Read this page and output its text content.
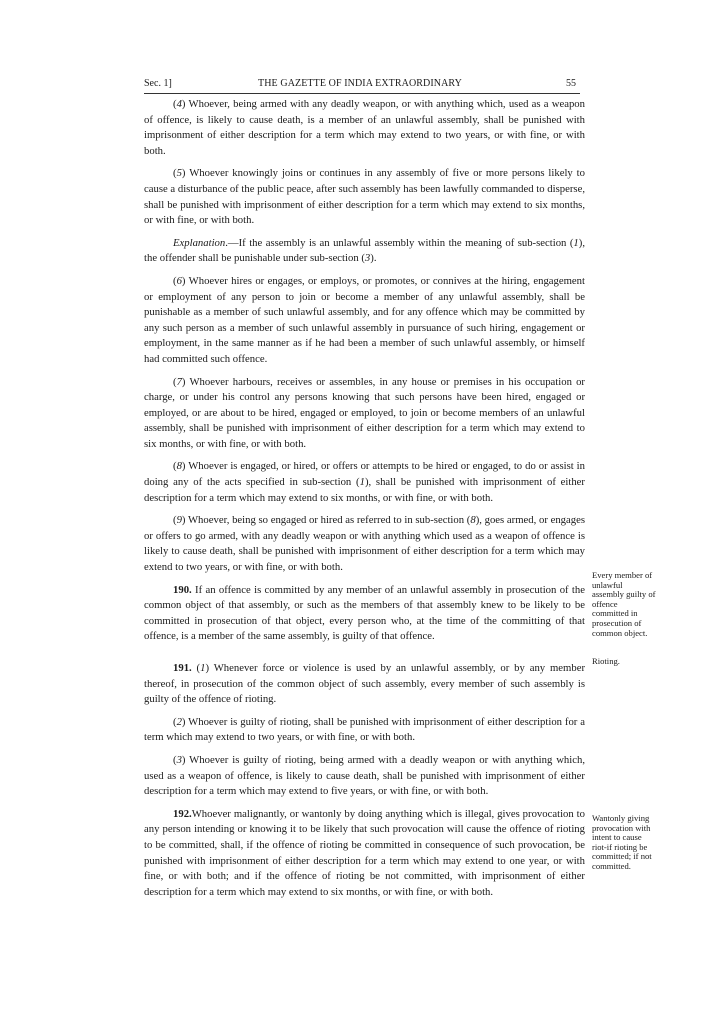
Sec. 1]	THE GAZETTE OF INDIA EXTRAORDINARY	55

(4) Whoever, being armed with any deadly weapon, or with anything which, used as a weapon of offence, is likely to cause death, is a member of an unlawful assembly, shall be punished with imprisonment of either description for a term which may extend to two years, or with fine, or with both.

(5) Whoever knowingly joins or continues in any assembly of five or more persons likely to cause a disturbance of the public peace, after such assembly has been lawfully commanded to disperse, shall be punished with imprisonment of either description for a term which may extend to six months, or with fine, or with both.

Explanation.—If the assembly is an unlawful assembly within the meaning of sub-section (1), the offender shall be punishable under sub-section (3).

(6) Whoever hires or engages, or employs, or promotes, or connives at the hiring, engagement or employment of any person to join or become a member of any unlawful assembly, shall be punishable as a member of such unlawful assembly, and for any offence which may be committed by any such person as a member of such unlawful assembly in pursuance of such hiring, engagement or employment, in the same manner as if he had been a member of such unlawful assembly, or himself had committed such offence.

(7) Whoever harbours, receives or assembles, in any house or premises in his occupation or charge, or under his control any persons knowing that such persons have been hired, engaged or employed, or are about to be hired, engaged or employed, to join or become members of an unlawful assembly, shall be punished with imprisonment of either description for a term which may extend to six months, or with fine, or with both.

(8) Whoever is engaged, or hired, or offers or attempts to be hired or engaged, to do or assist in doing any of the acts specified in sub-section (1), shall be punished with imprisonment of either description for a term which may extend to six months, or with fine, or with both.

(9) Whoever, being so engaged or hired as referred to in sub-section (8), goes armed, or engages or offers to go armed, with any deadly weapon or with anything which used as a weapon of offence is likely to cause death, shall be punished with imprisonment of either description for a term which may extend to two years, or with fine, or with both.

190. If an offence is committed by any member of an unlawful assembly in prosecution of the common object of that assembly, or such as the members of that assembly knew to be likely to be committed in prosecution of that object, every person who, at the time of the committing of that offence, is a member of the same assembly, is guilty of that offence.

191. (1) Whenever force or violence is used by an unlawful assembly, or by any member thereof, in prosecution of the common object of such assembly, every member of such assembly is guilty of the offence of rioting.

(2) Whoever is guilty of rioting, shall be punished with imprisonment of either description for a term which may extend to two years, or with fine, or with both.

(3) Whoever is guilty of rioting, being armed with a deadly weapon or with anything which, used as a weapon of offence, is likely to cause death, shall be punished with imprisonment of either description for a term which may extend to five years, or with fine, or with both.

192.Whoever malignantly, or wantonly by doing anything which is illegal, gives provocation to any person intending or knowing it to be likely that such provocation will cause the offence of rioting to be committed, shall, if the offence of rioting be committed in consequence of such provocation, be punished with imprisonment of either description for a term which may extend to one year, or with fine, or with both; and if the offence of rioting be not committed, with imprisonment of either description for a term which may extend to six months, or with fine, or with both.

Every member of unlawful assembly guilty of offence committed in prosecution of common object.
Rioting.
Wantonly giving provocation with intent to cause riot-if rioting be committed; if not committed.
